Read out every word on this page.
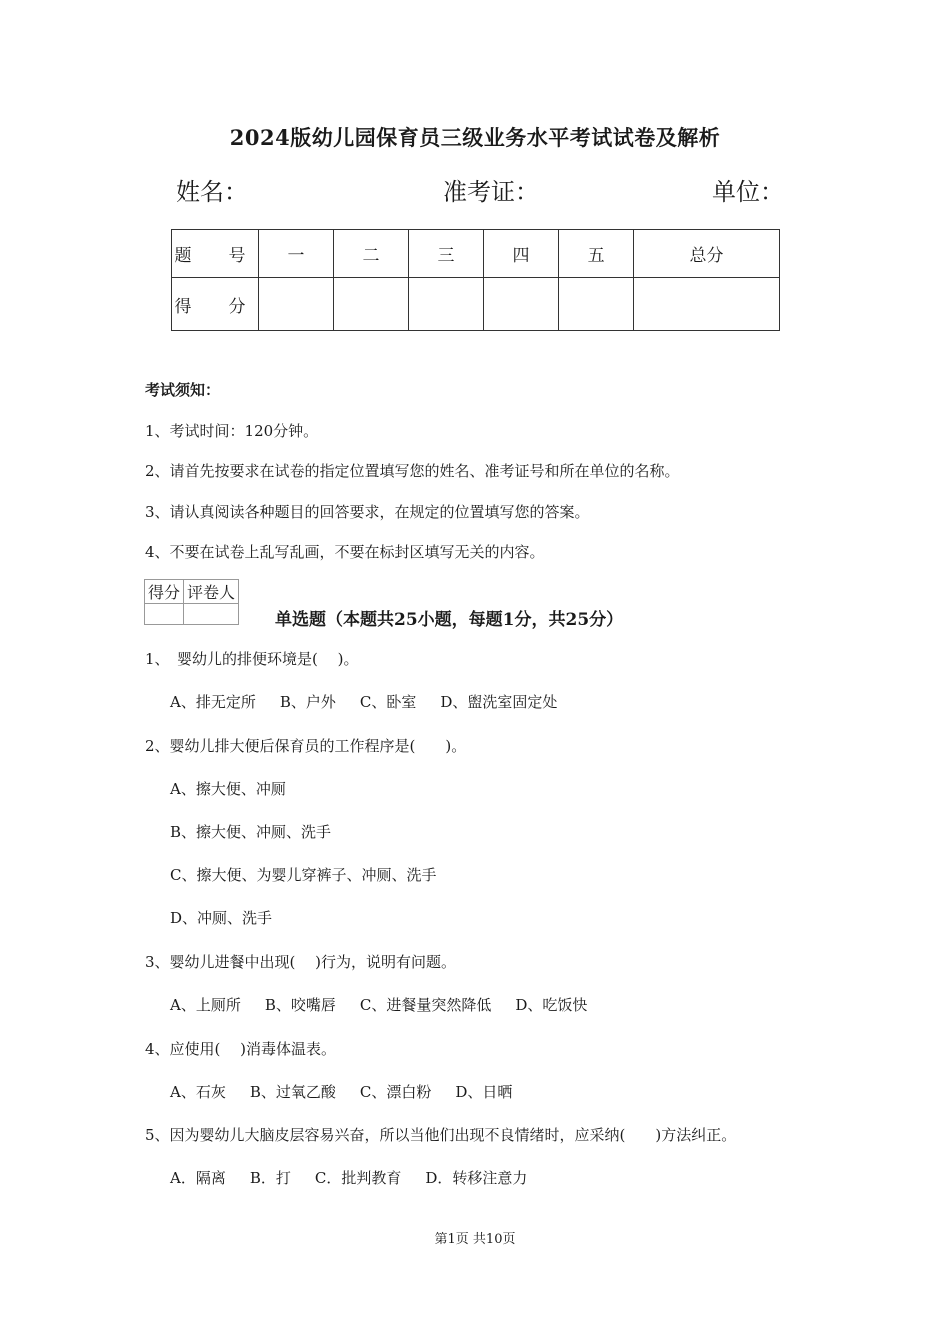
2024版幼儿园保育员三级业务水平考试试卷及解析
姓名：	准考证：	单位：
题　号	一	二	三	四	五	总分
得　分						
考试须知：
1、考试时间：120分钟。
2、请首先按要求在试卷的指定位置填写您的姓名、准考证号和所在单位的名称。
3、请认真阅读各种题目的回答要求，在规定的位置填写您的答案。
4、不要在试卷上乱写乱画，不要在标封区填写无关的内容。
得分	评卷人

单选题（本题共25小题，每题1分，共25分）
1、　婴幼儿的排便环境是(　 )。
A、排无定所 B、户外 C、卧室 D、盥洗室固定处
2、婴幼儿排大便后保育员的工作程序是(　　)。
A、擦大便、冲厕
B、擦大便、冲厕、洗手
C、擦大便、为婴儿穿裤子、冲厕、洗手
D、冲厕、洗手
3、婴幼儿进餐中出现(　 )行为，说明有问题。
A、上厕所 B、咬嘴唇 C、进餐量突然降低 D、吃饭快
4、应使用(　 )消毒体温表。
A、石灰 B、过氧乙酸 C、漂白粉 D、日晒
5、因为婴幼儿大脑皮层容易兴奋，所以当他们出现不良情绪时，应采纳(　　)方法纠正。
A．隔离 B．打 C．批判教育 D．转移注意力
第1页 共10页
